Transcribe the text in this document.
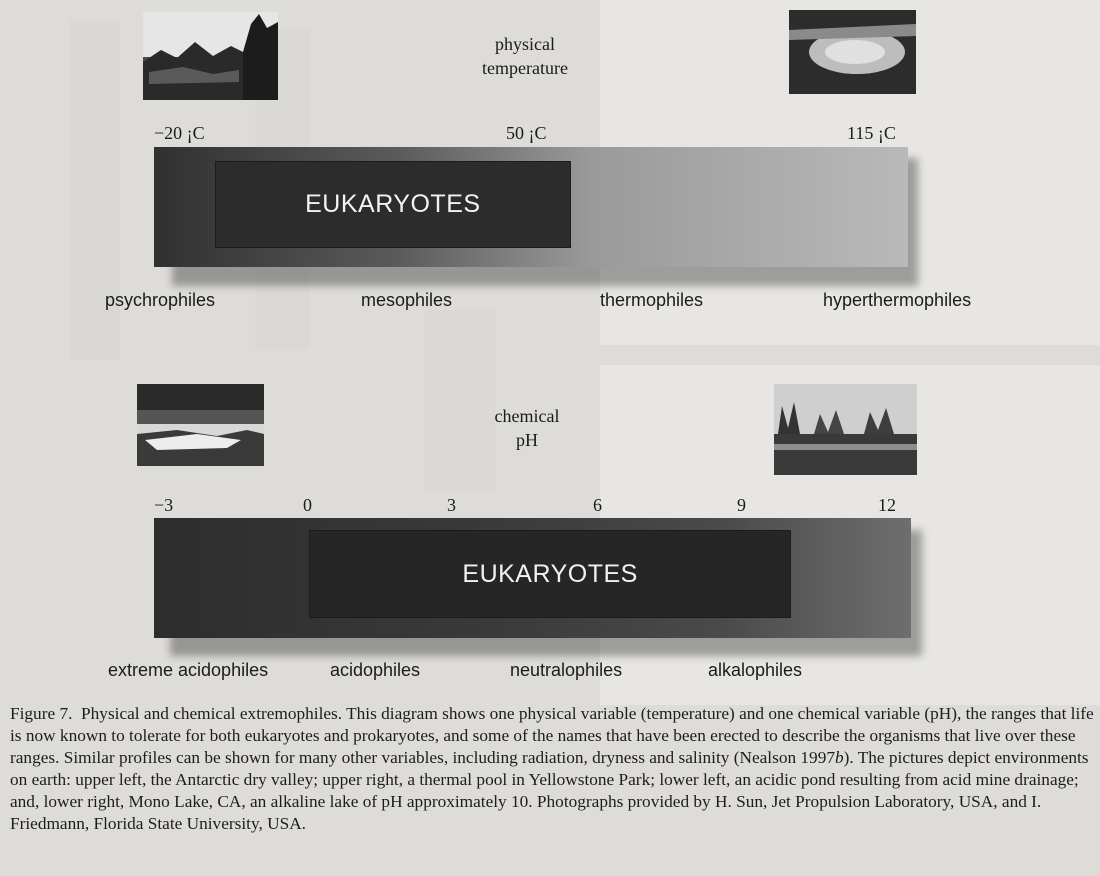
physical
temperature
−20 ¡C	50 ¡C	115 ¡C
EUKARYOTES
psychrophiles	mesophiles	thermophiles	hyperthermophiles
chemical
pH
−3	0	3	6	9	12
EUKARYOTES
extreme acidophiles	acidophiles	neutralophiles	alkalophiles
Figure 7. Physical and chemical extremophiles. This diagram shows one physical variable (temperature) and one chemical variable (pH), the ranges that life is now known to tolerate for both eukaryotes and prokaryotes, and some of the names that have been erected to describe the organisms that live over these ranges. Similar profiles can be shown for many other variables, including radiation, dryness and salinity (Nealson 1997b). The pictures depict environments on earth: upper left, the Antarctic dry valley; upper right, a thermal pool in Yellowstone Park; lower left, an acidic pond resulting from acid mine drainage; and, lower right, Mono Lake, CA, an alkaline lake of pH approximately 10. Photographs provided by H. Sun, Jet Propulsion Laboratory, USA, and I. Friedmann, Florida State University, USA.
